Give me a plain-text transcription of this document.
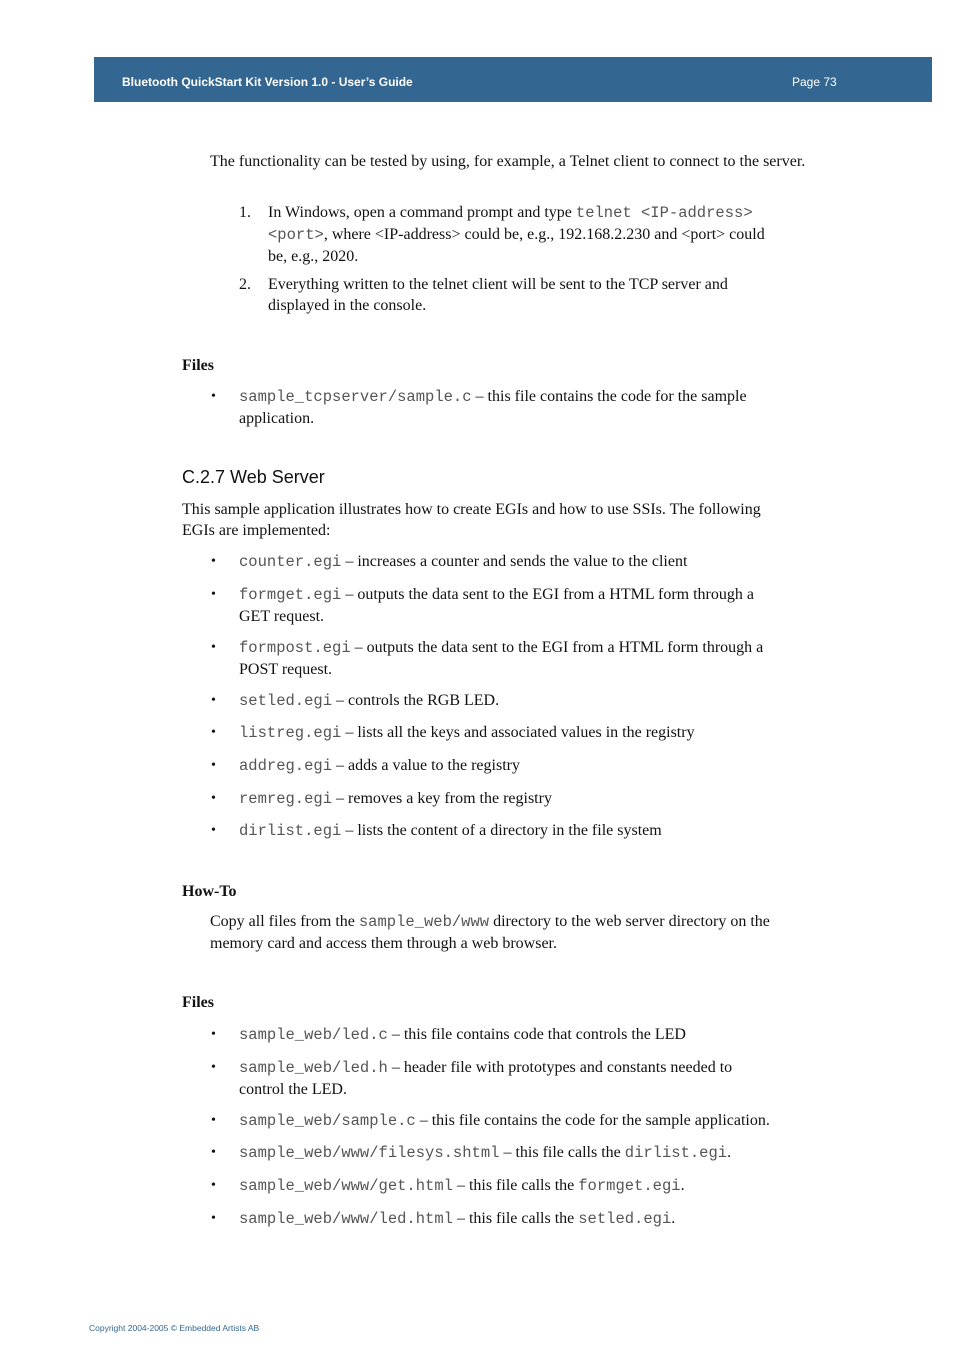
Bluetooth QuickStart Kit Version 1.0 - User’s Guide	Page 73

The functionality can be tested by using, for example, a Telnet client to connect to the server.

1. In Windows, open a command prompt and type telnet <IP-address>
<port>, where <IP-address> could be, e.g., 192.168.2.230 and <port> could
be, e.g., 2020.
2. Everything written to the telnet client will be sent to the TCP server and
displayed in the console.

Files

• sample_tcpserver/sample.c – this file contains the code for the sample
application.

C.2.7 Web Server

This sample application illustrates how to create EGIs and how to use SSIs. The following
EGIs are implemented:
• counter.egi – increases a counter and sends the value to the client
• formget.egi – outputs the data sent to the EGI from a HTML form through a
GET request.
• formpost.egi – outputs the data sent to the EGI from a HTML form through a
POST request.
• setled.egi – controls the RGB LED.
• listreg.egi – lists all the keys and associated values in the registry
• addreg.egi – adds a value to the registry
• remreg.egi – removes a key from the registry
• dirlist.egi – lists the content of a directory in the file system

How-To

Copy all files from the sample_web/www directory to the web server directory on the
memory card and access them through a web browser.

Files

• sample_web/led.c – this file contains code that controls the LED
• sample_web/led.h – header file with prototypes and constants needed to
control the LED.
• sample_web/sample.c – this file contains the code for the sample application.
• sample_web/www/filesys.shtml – this file calls the dirlist.egi.
• sample_web/www/get.html – this file calls the formget.egi.
• sample_web/www/led.html – this file calls the setled.egi.
Copyright 2004-2005 © Embedded Artists AB
